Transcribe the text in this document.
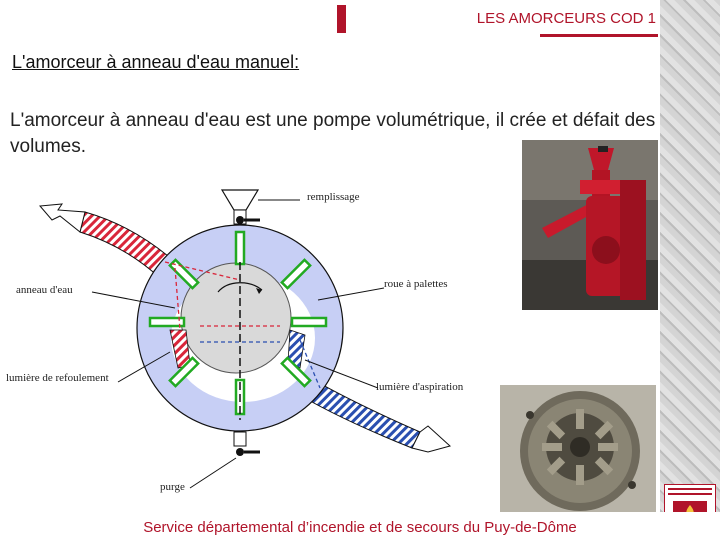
LES AMORCEURS COD 1
L'amorceur à anneau d'eau manuel:
L'amorceur à anneau d'eau est une pompe volumétrique, il crée et défait des volumes.
remplissage
anneau d'eau	roue à palettes
lumière de refoulement
lumière d'aspiration
purge
Service départemental d’incendie et de secours du Puy-de-Dôme
